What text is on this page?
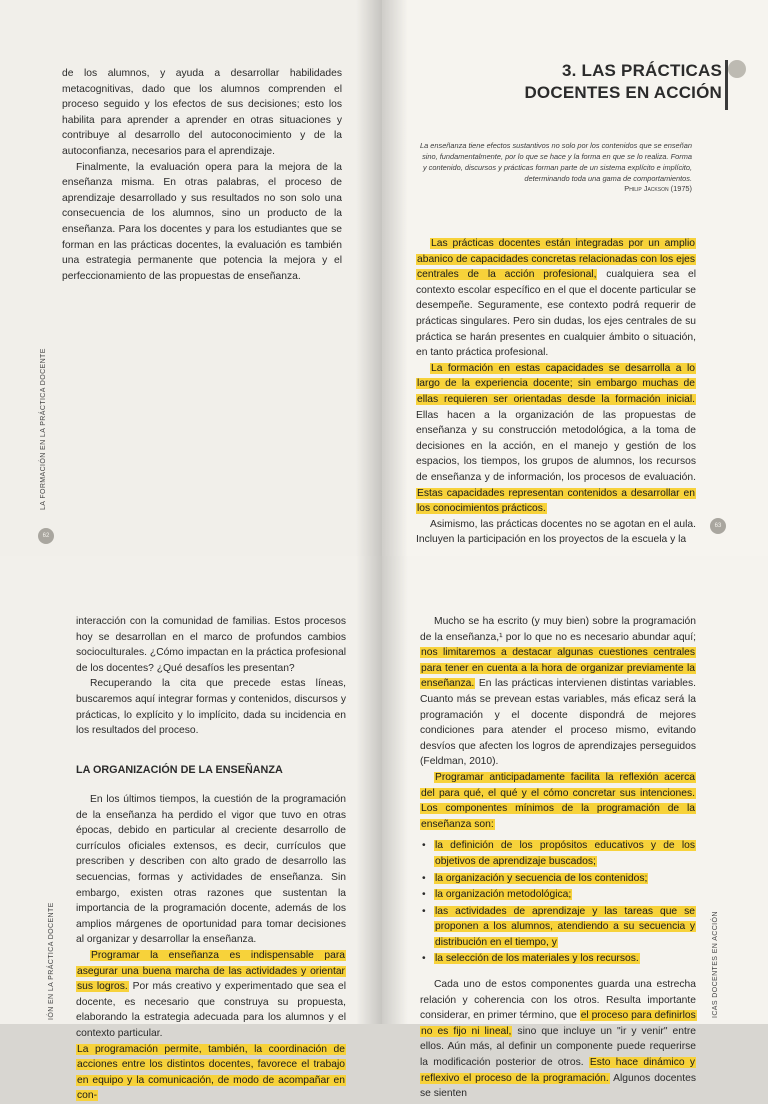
de los alumnos, y ayuda a desarrollar habilidades metacognitivas, dado que los alumnos comprenden el proceso seguido y los efectos de sus decisiones; esto los habilita para aprender a aprender en otras situaciones y contribuye al desarrollo del autoconocimiento y de la autoconfianza, necesarios para el aprendizaje.

Finalmente, la evaluación opera para la mejora de la enseñanza misma. En otras palabras, el proceso de aprendizaje desarrollado y sus resultados no son solo una consecuencia de los alumnos, sino un producto de la enseñanza. Para los docentes y para los estudiantes que se forman en las prácticas docentes, la evaluación es también una estrategia permanente que potencia la mejora y el perfeccionamiento de las propuestas de enseñanza.

LA FORMACIÓN EN LA PRÁCTICA DOCENTE
62
3. LAS PRÁCTICAS
DOCENTES EN ACCIÓN
La enseñanza tiene efectos sustantivos no solo por los contenidos que se enseñan sino, fundamentalmente, por lo que se hace y la forma en que se lo realiza. Forma y contenido, discursos y prácticas forman parte de un sistema explícito e implícito, determinando toda una gama de comportamientos.
Philip Jackson (1975)

Las prácticas docentes están integradas por un amplio abanico de capacidades concretas relacionadas con los ejes centrales de la acción profesional, cualquiera sea el contexto escolar específico en el que el docente particular se desempeñe. Seguramente, ese contexto podrá requerir de prácticas singulares. Pero sin dudas, los ejes centrales de su práctica se harán presentes en cualquier ámbito o situación, en tanto práctica profesional.

La formación en estas capacidades se desarrolla a lo largo de la experiencia docente; sin embargo muchas de ellas requieren ser orientadas desde la formación inicial. Ellas hacen a la organización de las propuestas de enseñanza y su construcción metodológica, a la toma de decisiones en la acción, en el manejo y gestión de los espacios, los tiempos, los grupos de alumnos, los recursos de enseñanza y de información, los procesos de evaluación. Estas capacidades representan contenidos a desarrollar en los conocimientos prácticos.

Asimismo, las prácticas docentes no se agotan en el aula. Incluyen la participación en los proyectos de la escuela y la

63

interacción con la comunidad de familias. Estos procesos hoy se desarrollan en el marco de profundos cambios socioculturales. ¿Cómo impactan en la práctica profesional de los docentes? ¿Qué desafíos les presentan?

Recuperando la cita que precede estas líneas, buscaremos aquí integrar formas y contenidos, discursos y prácticas, lo explícito y lo implícito, dada su incidencia en los resultados del proceso.

LA ORGANIZACIÓN DE LA ENSEÑANZA

En los últimos tiempos, la cuestión de la programación de la enseñanza ha perdido el vigor que tuvo en otras épocas, debido en particular al creciente desarrollo de currículos oficiales extensos, es decir, currículos que prescriben y describen con alto grado de desarrollo las secuencias, formas y actividades de enseñanza. Sin embargo, existen otras razones que sustentan la importancia de la programación docente, además de los amplios márgenes de oportunidad para tomar decisiones al organizar y desarrollar la enseñanza.

Programar la enseñanza es indispensable para asegurar una buena marcha de las actividades y orientar sus logros. Por más creativo y experimentado que sea el docente, es necesario que construya su propuesta, elaborando la estrategia adecuada para los alumnos y el contexto particular.

La programación permite, también, la coordinación de acciones entre los distintos docentes, favorece el trabajo en equipo y la comunicación, de modo de acompañar en con-

IÓN EN LA PRÁCTICA DOCENTE

Mucho se ha escrito (y muy bien) sobre la programación de la enseñanza,¹ por lo que no es necesario abundar aquí; nos limitaremos a destacar algunas cuestiones centrales para tener en cuenta a la hora de organizar previamente la enseñanza. En las prácticas intervienen distintas variables. Cuanto más se prevean estas variables, más eficaz será la programación y el docente dispondrá de mejores condiciones para atender el proceso mismo, evitando desvíos que afecten los logros de aprendizajes perseguidos (Feldman, 2010).

Programar anticipadamente facilita la reflexión acerca del para qué, el qué y el cómo concretar sus intenciones. Los componentes mínimos de la programación de la enseñanza son:

• la definición de los propósitos educativos y de los objetivos de aprendizaje buscados;
• la organización y secuencia de los contenidos;
• la organización metodológica;
• las actividades de aprendizaje y las tareas que se proponen a los alumnos, atendiendo a su secuencia y distribución en el tiempo, y
• la selección de los materiales y los recursos.

Cada uno de estos componentes guarda una estrecha relación y coherencia con los otros. Resulta importante considerar, en primer término, que el proceso para definirlos no es fijo ni lineal, sino que incluye un "ir y venir" entre ellos. Aún más, al definir un componente puede requerirse la modificación posterior de otros. Esto hace dinámico y reflexivo el proceso de la programación. Algunos docentes se sienten

ICAS DOCENTES EN ACCIÓN
